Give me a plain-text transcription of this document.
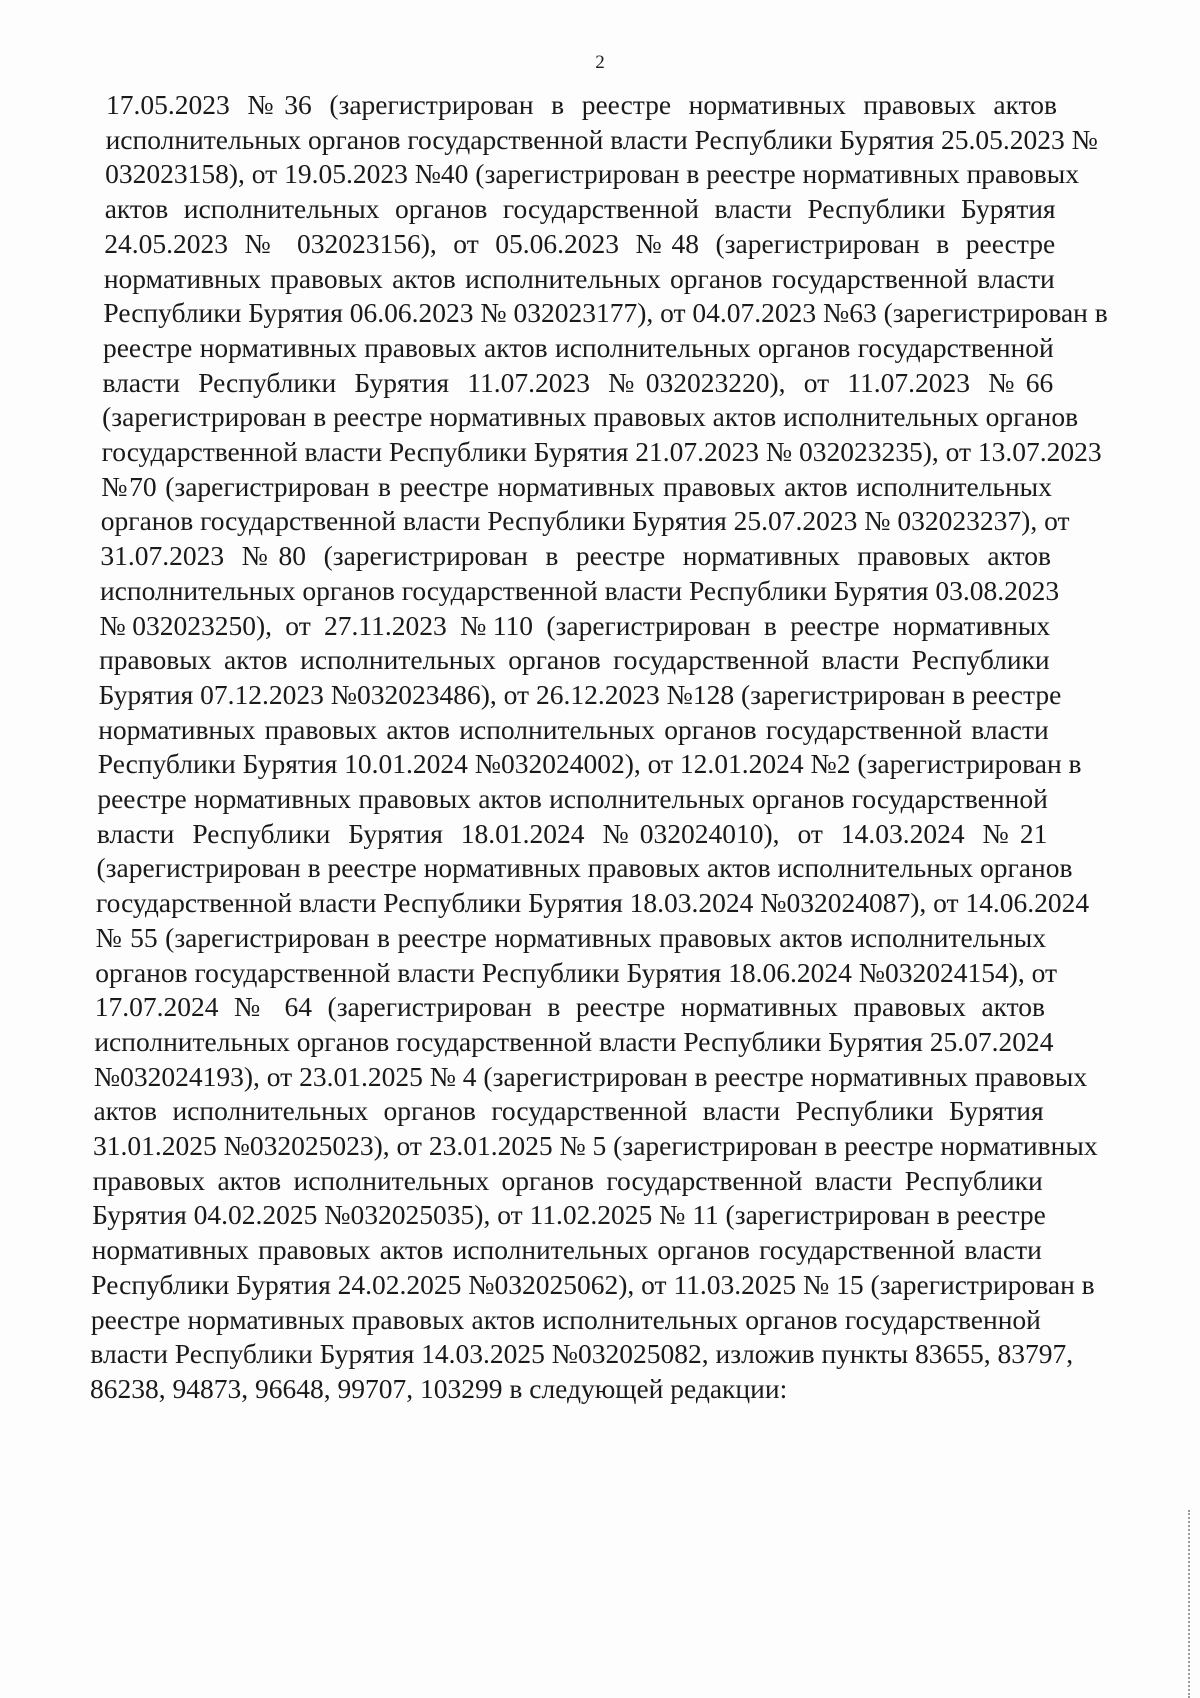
2
17.05.2023 №36 (зарегистрирован в реестре нормативных правовых актов
исполнительных органов государственной власти Республики Бурятия 25.05.2023 №
032023158), от 19.05.2023 №40 (зарегистрирован в реестре нормативных правовых
актов исполнительных органов государственной власти Республики Бурятия
24.05.2023 № 032023156), от 05.06.2023 №48 (зарегистрирован в реестре
нормативных правовых актов исполнительных органов государственной власти
Республики Бурятия 06.06.2023 № 032023177), от 04.07.2023 №63 (зарегистрирован в
реестре нормативных правовых актов исполнительных органов государственной
власти Республики Бурятия 11.07.2023 №032023220), от 11.07.2023 №66
(зарегистрирован в реестре нормативных правовых актов исполнительных органов
государственной власти Республики Бурятия 21.07.2023 № 032023235), от 13.07.2023
№70 (зарегистрирован в реестре нормативных правовых актов исполнительных
органов государственной власти Республики Бурятия 25.07.2023 № 032023237), от
31.07.2023 №80 (зарегистрирован в реестре нормативных правовых актов
исполнительных органов государственной власти Республики Бурятия 03.08.2023
№032023250), от 27.11.2023 №110 (зарегистрирован в реестре нормативных
правовых актов исполнительных органов государственной власти Республики
Бурятия 07.12.2023 №032023486), от 26.12.2023 №128 (зарегистрирован в реестре
нормативных правовых актов исполнительных органов государственной власти
Республики Бурятия 10.01.2024 №032024002), от 12.01.2024 №2 (зарегистрирован в
реестре нормативных правовых актов исполнительных органов государственной
власти Республики Бурятия 18.01.2024 №032024010), от 14.03.2024 №21
(зарегистрирован в реестре нормативных правовых актов исполнительных органов
государственной власти Республики Бурятия 18.03.2024 №032024087), от 14.06.2024
№ 55 (зарегистрирован в реестре нормативных правовых актов исполнительных
органов государственной власти Республики Бурятия 18.06.2024 №032024154), от
17.07.2024 № 64 (зарегистрирован в реестре нормативных правовых актов
исполнительных органов государственной власти Республики Бурятия 25.07.2024
№032024193), от 23.01.2025 № 4 (зарегистрирован в реестре нормативных правовых
актов исполнительных органов государственной власти Республики Бурятия
31.01.2025 №032025023), от 23.01.2025 № 5 (зарегистрирован в реестре нормативных
правовых актов исполнительных органов государственной власти Республики
Бурятия 04.02.2025 №032025035), от 11.02.2025 № 11 (зарегистрирован в реестре
нормативных правовых актов исполнительных органов государственной власти
Республики Бурятия 24.02.2025 №032025062), от 11.03.2025 № 15 (зарегистрирован в
реестре нормативных правовых актов исполнительных органов государственной
власти Республики Бурятия 14.03.2025 №032025082, изложив пункты 83655, 83797,
86238, 94873, 96648, 99707, 103299 в следующей редакции:
